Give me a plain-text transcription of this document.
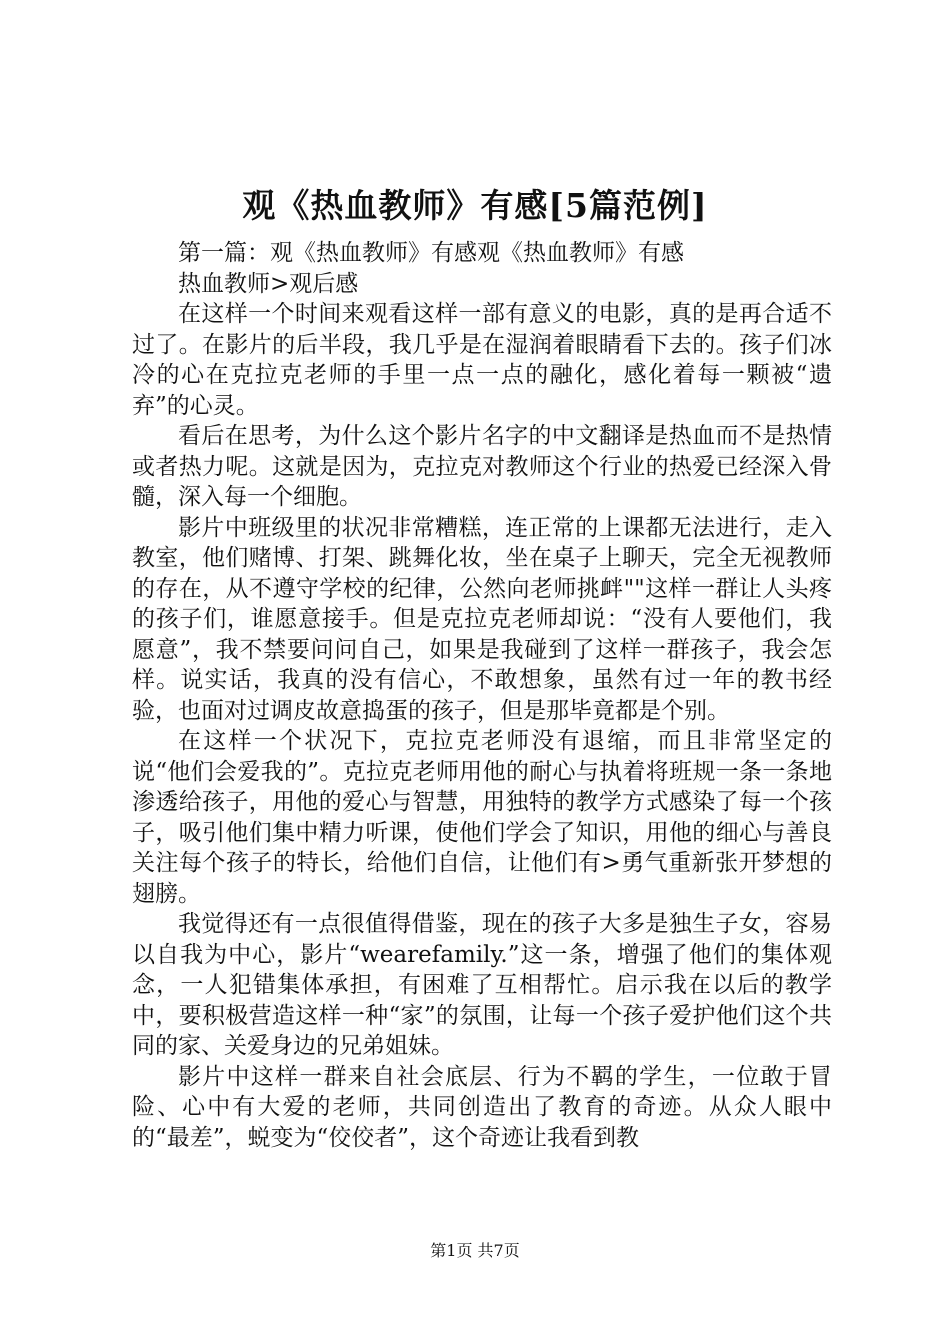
观《热血教师》有感[5篇范例]

第一篇：观《热血教师》有感观《热血教师》有感

热血教师>观后感

在这样一个时间来观看这样一部有意义的电影，真的是再合适不过了。在影片的后半段，我几乎是在湿润着眼睛看下去的。孩子们冰冷的心在克拉克老师的手里一点一点的融化，感化着每一颗被“遗弃”的心灵。

看后在思考，为什么这个影片名字的中文翻译是热血而不是热情或者热力呢。这就是因为，克拉克对教师这个行业的热爱已经深入骨髓，深入每一个细胞。

影片中班级里的状况非常糟糕，连正常的上课都无法进行，走入教室，他们赌博、打架、跳舞化妆，坐在桌子上聊天，完全无视教师的存在，从不遵守学校的纪律，公然向老师挑衅""这样一群让人头疼的孩子们，谁愿意接手。但是克拉克老师却说：“没有人要他们，我愿意”，我不禁要问问自己，如果是我碰到了这样一群孩子，我会怎样。说实话，我真的没有信心，不敢想象，虽然有过一年的教书经验，也面对过调皮故意捣蛋的孩子，但是那毕竟都是个别。

在这样一个状况下，克拉克老师没有退缩，而且非常坚定的说“他们会爱我的”。克拉克老师用他的耐心与执着将班规一条一条地渗透给孩子，用他的爱心与智慧，用独特的教学方式感染了每一个孩子，吸引他们集中精力听课，使他们学会了知识，用他的细心与善良关注每个孩子的特长，给他们自信，让他们有>勇气重新张开梦想的翅膀。

我觉得还有一点很值得借鉴，现在的孩子大多是独生子女，容易以自我为中心，影片“wearefamily.”这一条，增强了他们的集体观念，一人犯错集体承担，有困难了互相帮忙。启示我在以后的教学中，要积极营造这样一种“家”的氛围，让每一个孩子爱护他们这个共同的家、关爱身边的兄弟姐妹。

影片中这样一群来自社会底层、行为不羁的学生，一位敢于冒险、心中有大爱的老师，共同创造出了教育的奇迹。从众人眼中的“最差”，蜕变为“佼佼者”，这个奇迹让我看到教

第1页 共7页
